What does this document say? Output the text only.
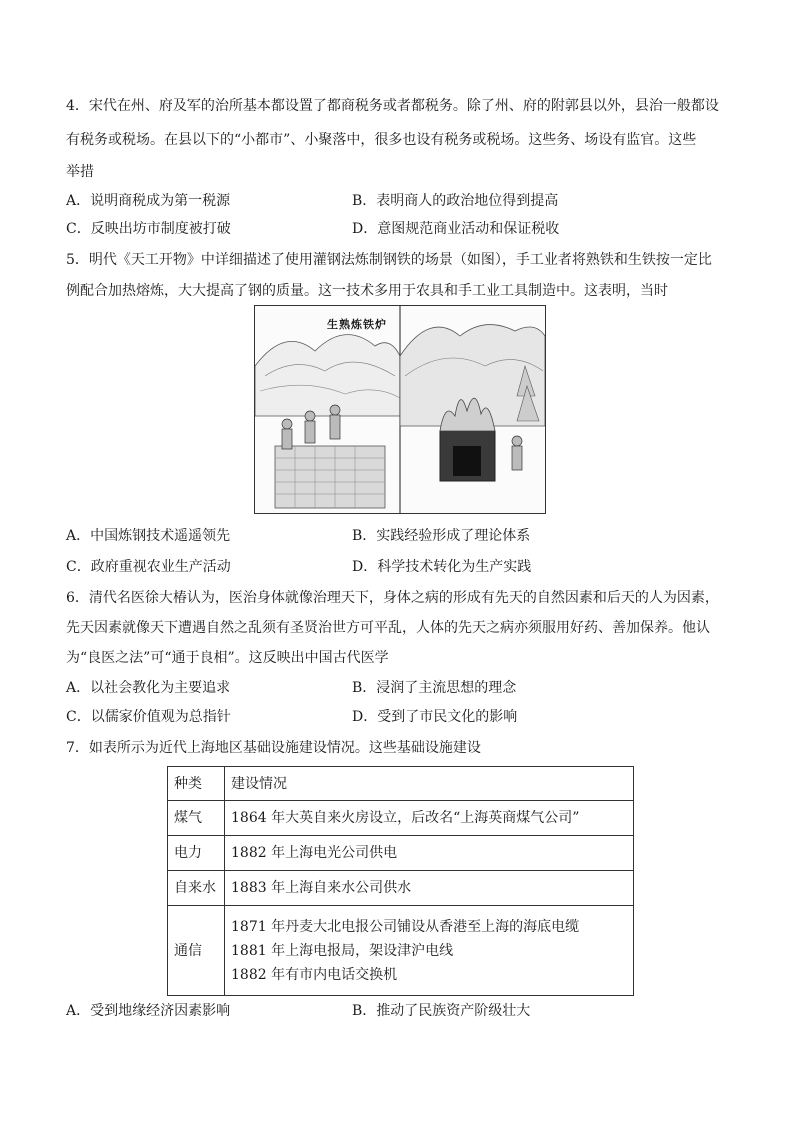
4．宋代在州、府及军的治所基本都设置了都商税务或者都税务。除了州、府的附郭县以外，县治一般都设
有税务或税场。在县以下的“小都市”、小聚落中，很多也设有税务或税场。这些务、场设有监官。这些
举措
A．说明商税成为第一税源	B．表明商人的政治地位得到提高
C．反映出坊市制度被打破	D．意图规范商业活动和保证税收
5．明代《天工开物》中详细描述了使用灌钢法炼制钢铁的场景（如图），手工业者将熟铁和生铁按一定比
例配合加热熔炼，大大提高了钢的质量。这一技术多用于农具和手工业工具制造中。这表明，当时
生熟炼铁炉
A．中国炼钢技术遥遥领先	B．实践经验形成了理论体系
C．政府重视农业生产活动	D．科学技术转化为生产实践
6．清代名医徐大椿认为，医治身体就像治理天下，身体之病的形成有先天的自然因素和后天的人为因素，
先天因素就像天下遭遇自然之乱须有圣贤治世方可平乱，人体的先天之病亦须服用好药、善加保养。他认
为“良医之法”可“通于良相”。这反映出中国古代医学
A．以社会教化为主要追求	B．浸润了主流思想的理念
C．以儒家价值观为总指针	D．受到了市民文化的影响
7．如表所示为近代上海地区基础设施建设情况。这些基础设施建设
种类	建设情况
煤气	1864 年大英自来火房设立，后改名“上海英商煤气公司”
电力	1882 年上海电光公司供电
自来水	1883 年上海自来水公司供水
通信	1871 年丹麦大北电报公司铺设从香港至上海的海底电缆
1881 年上海电报局，架设津沪电线
1882 年有市内电话交换机
A．受到地缘经济因素影响	B．推动了民族资产阶级壮大
